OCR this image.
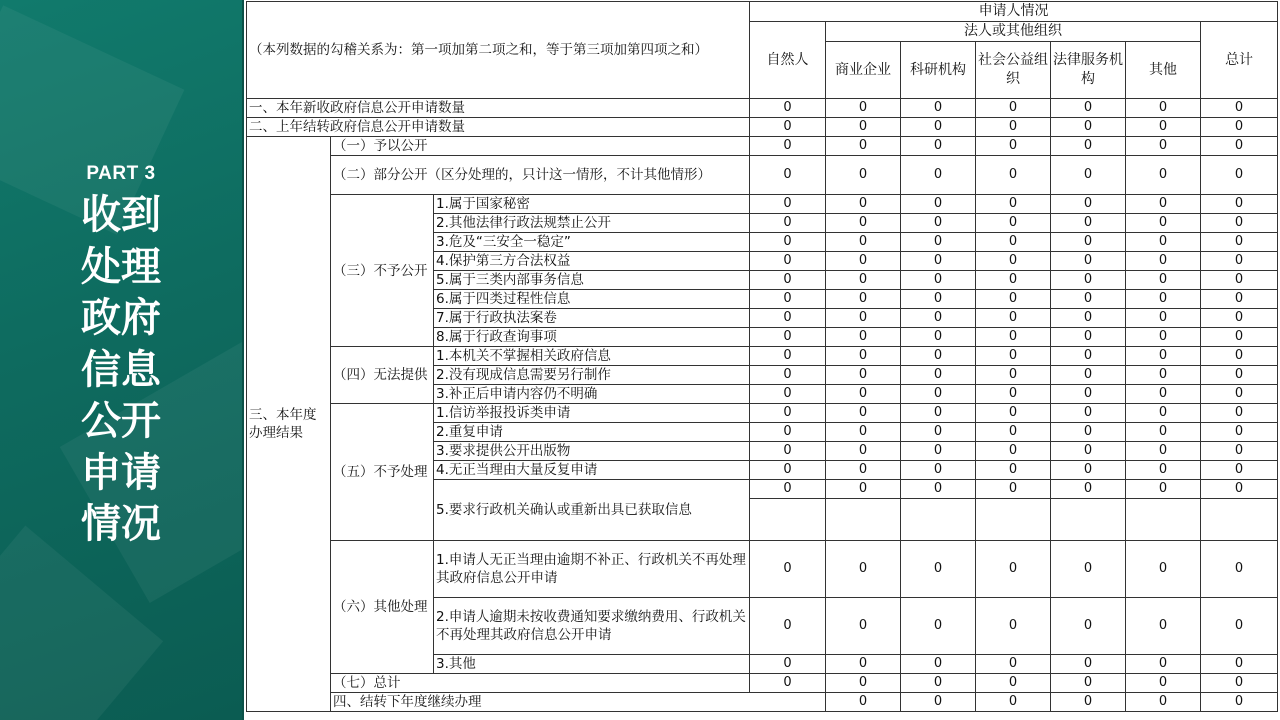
PART 3
收到
处理
政府
信息
公开
申请
情况
（本列数据的勾稽关系为：第一项加第二项之和，等于第三项加第四项之和）			申请人情况							
			自然人	法人或其他组织					总计	
				商业企业	科研机构	社会公益组织	法律服务机构	其他		

一、本年新收政府信息公开申请数量			0	0	0	0	0	0	0	
二、上年结转政府信息公开申请数量			0	0	0	0	0	0	0	
三、本年度办理结果	（一）予以公开		0	0	0	0	0	0	0	
	（二）部分公开（区分处理的，只计这一情形，不计其他情形）		0	0	0	0	0	0	0	
	（三）不予公开	1.属于国家秘密	0	0	0	0	0	0	0	
		2.其他法律行政法规禁止公开	0	0	0	0	0	0	0	
		3.危及“三安全一稳定”	0	0	0	0	0	0	0	
		4.保护第三方合法权益	0	0	0	0	0	0	0	
		5.属于三类内部事务信息	0	0	0	0	0	0	0	
		6.属于四类过程性信息	0	0	0	0	0	0	0	
		7.属于行政执法案卷	0	0	0	0	0	0	0	
		8.属于行政查询事项	0	0	0	0	0	0	0	
	（四）无法提供	1.本机关不掌握相关政府信息	0	0	0	0	0	0	0	
		2.没有现成信息需要另行制作	0	0	0	0	0	0	0	
		3.补正后申请内容仍不明确	0	0	0	0	0	0	0	
	（五）不予处理	1.信访举报投诉类申请	0	0	0	0	0	0	0	
		2.重复申请	0	0	0	0	0	0	0	
		3.要求提供公开出版物	0	0	0	0	0	0	0	
		4.无正当理由大量反复申请	0	0	0	0	0	0	0	
		5.要求行政机关确认或重新出具已获取信息	0	0	0	0	0	0	0	

	（六）其他处理	1.申请人无正当理由逾期不补正、行政机关不再处理其政府信息公开申请	0	0	0	0	0	0	0	
		2.申请人逾期未按收费通知要求缴纳费用、行政机关不再处理其政府信息公开申请	0	0	0	0	0	0	0	
		3.其他	0	0	0	0	0	0	0	
	（七）总计		0	0	0	0	0	0	0	
	四、结转下年度继续办理			0	0	0	0	0	0	
